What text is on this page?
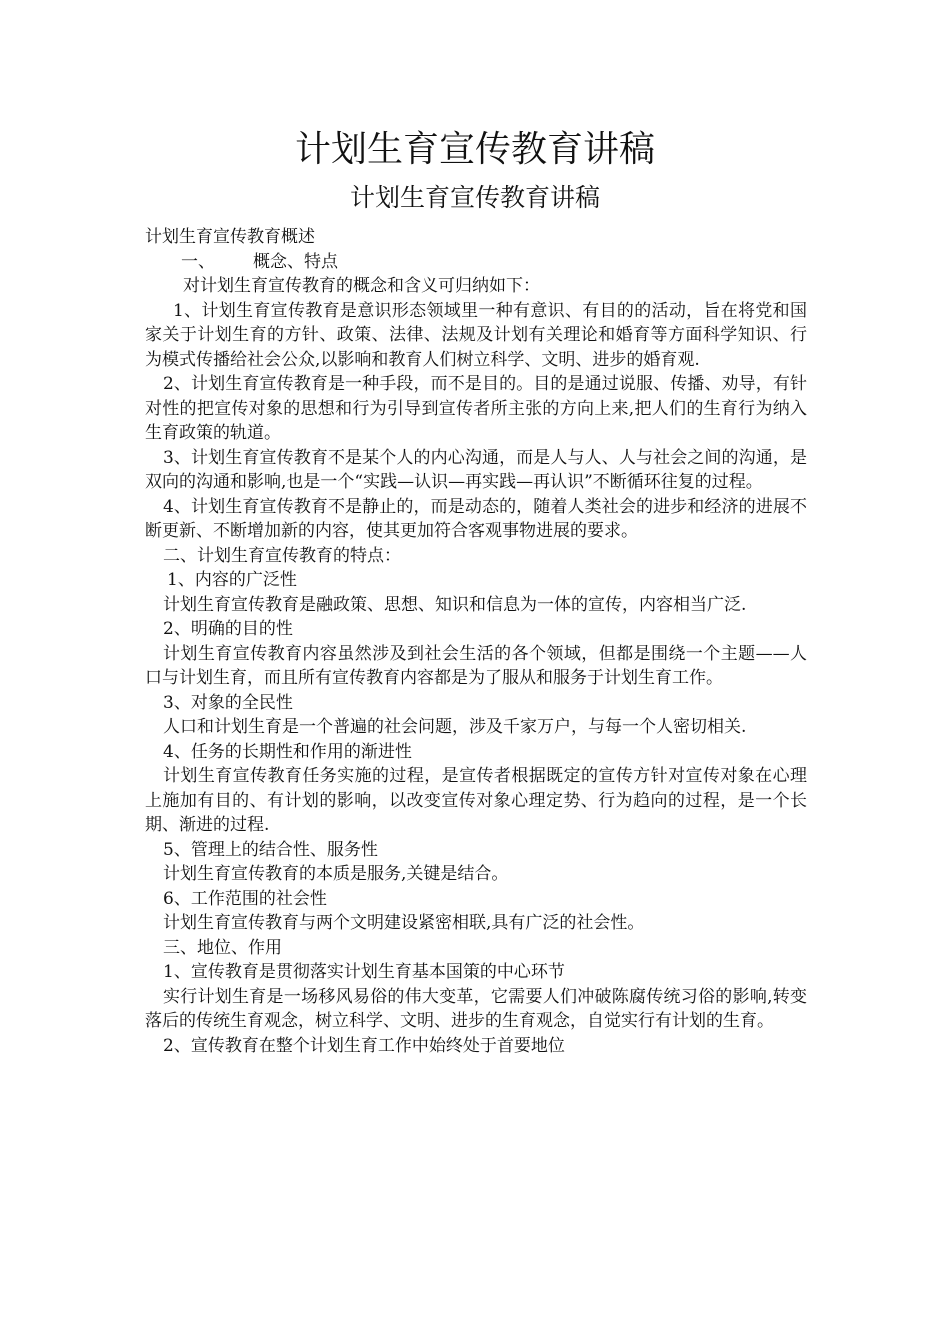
计划生育宣传教育讲稿
计划生育宣传教育讲稿

计划生育宣传教育概述

一、 概念、特点

对计划生育宣传教育的概念和含义可归纳如下：

1、计划生育宣传教育是意识形态领域里一种有意识、有目的的活动，旨在将党和国家关于计划生育的方针、政策、法律、法规及计划有关理论和婚育等方面科学知识、行为模式传播给社会公众,以影响和教育人们树立科学、文明、进步的婚育观.

2、计划生育宣传教育是一种手段，而不是目的。目的是通过说服、传播、劝导，有针对性的把宣传对象的思想和行为引导到宣传者所主张的方向上来,把人们的生育行为纳入生育政策的轨道。

3、计划生育宣传教育不是某个人的内心沟通，而是人与人、人与社会之间的沟通，是双向的沟通和影响,也是一个“实践—认识—再实践—再认识”不断循环往复的过程。

4、计划生育宣传教育不是静止的，而是动态的，随着人类社会的进步和经济的进展不断更新、不断增加新的内容，使其更加符合客观事物进展的要求。

二、计划生育宣传教育的特点：

1、内容的广泛性

计划生育宣传教育是融政策、思想、知识和信息为一体的宣传，内容相当广泛.

2、明确的目的性

计划生育宣传教育内容虽然涉及到社会生活的各个领域，但都是围绕一个主题——人口与计划生育，而且所有宣传教育内容都是为了服从和服务于计划生育工作。

3、对象的全民性

人口和计划生育是一个普遍的社会问题，涉及千家万户，与每一个人密切相关.

4、任务的长期性和作用的渐进性

计划生育宣传教育任务实施的过程，是宣传者根据既定的宣传方针对宣传对象在心理上施加有目的、有计划的影响，以改变宣传对象心理定势、行为趋向的过程，是一个长期、渐进的过程.

5、管理上的结合性、服务性

计划生育宣传教育的本质是服务,关键是结合。

6、工作范围的社会性

计划生育宣传教育与两个文明建设紧密相联,具有广泛的社会性。

三、地位、作用

1、宣传教育是贯彻落实计划生育基本国策的中心环节

实行计划生育是一场移风易俗的伟大变革，它需要人们冲破陈腐传统习俗的影响,转变落后的传统生育观念，树立科学、文明、进步的生育观念，自觉实行有计划的生育。

2、宣传教育在整个计划生育工作中始终处于首要地位
